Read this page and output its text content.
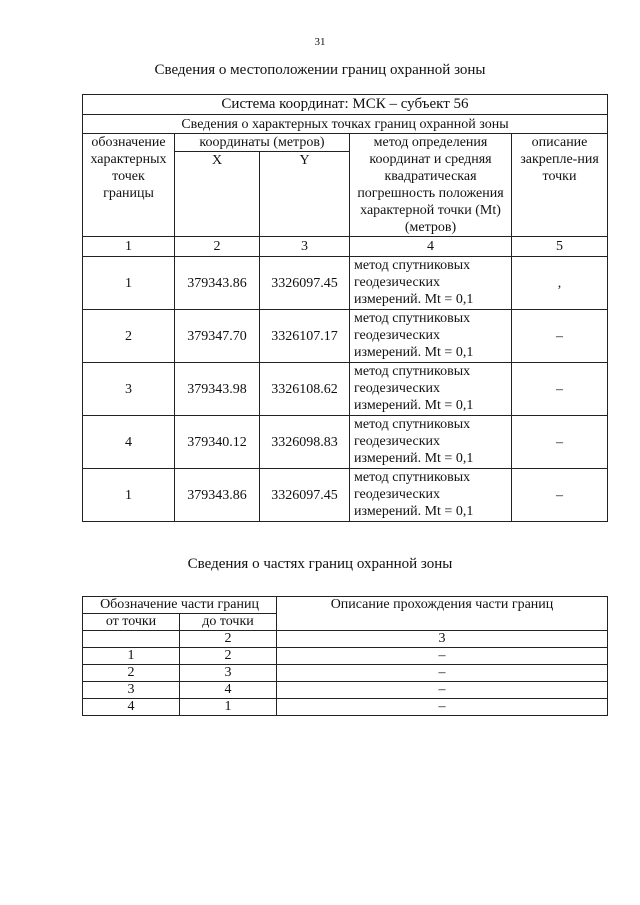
31
Сведения о местоположении границ охранной зоны
Система координат: МСК – субъект 56				
Сведения о характерных точках границ охранной зоны				
обозначение характерных точек границы	координаты (метров)		метод определения координат и средняя квадратическая погрешность положения характерной точки (Mt) (метров)	описание закрепле-ния точки
	X	Y		
1	2	3	4	5
1	379343.86	3326097.45	метод спутниковых геодезических измерений. Mt = 0,1	,
2	379347.70	3326107.17	метод спутниковых геодезических измерений. Mt = 0,1	–
3	379343.98	3326108.62	метод спутниковых геодезических измерений. Mt = 0,1	–
4	379340.12	3326098.83	метод спутниковых геодезических измерений. Mt = 0,1	–
1	379343.86	3326097.45	метод спутниковых геодезических измерений. Mt = 0,1	–
Сведения о частях границ охранной зоны
Обозначение части границ		Описание прохождения части границ
от точки	до точки	
	2	3
1	2	–
2	3	–
3	4	–
4	1	–
